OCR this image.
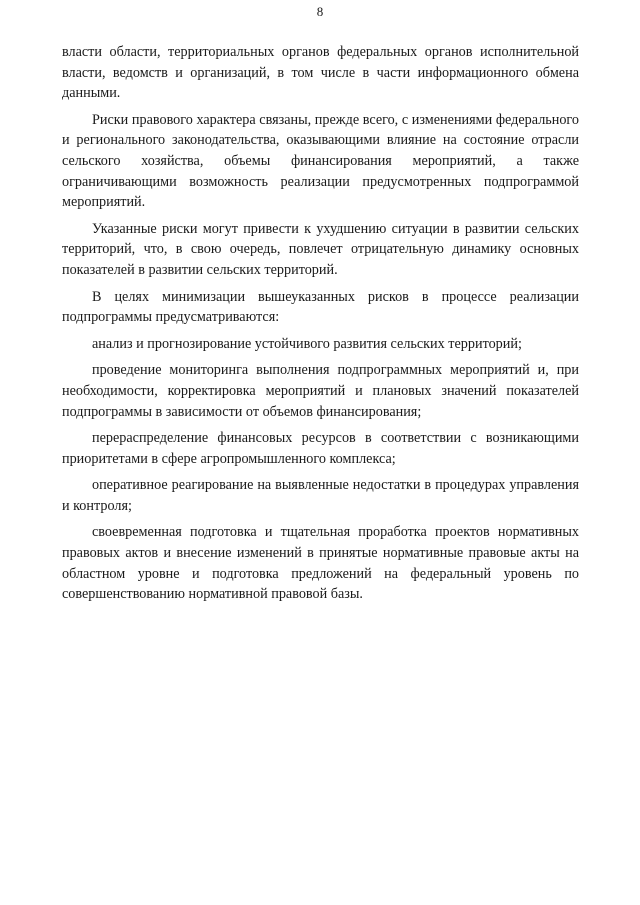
8

власти области, территориальных органов федеральных органов исполнительной власти, ведомств и организаций, в том числе в части информационного обмена данными.

Риски правового характера связаны, прежде всего, с изменениями федерального и регионального законодательства, оказывающими влияние на состояние отрасли сельского хозяйства, объемы финансирования мероприятий, а также ограничивающими возможность реализации предусмотренных подпрограммой мероприятий.

Указанные риски могут привести к ухудшению ситуации в развитии сельских территорий, что, в свою очередь, повлечет отрицательную динамику основных показателей в развитии сельских территорий.

В целях минимизации вышеуказанных рисков в процессе реализации подпрограммы предусматриваются:

анализ и прогнозирование устойчивого развития сельских территорий;

проведение мониторинга выполнения подпрограммных мероприятий и, при необходимости, корректировка мероприятий и плановых значений показателей подпрограммы в зависимости от объемов финансирования;

перераспределение финансовых ресурсов в соответствии с возникающими приоритетами в сфере агропромышленного комплекса;

оперативное реагирование на выявленные недостатки в процедурах управления и контроля;

своевременная подготовка и тщательная проработка проектов нормативных правовых актов и внесение изменений в принятые нормативные правовые акты на областном уровне и подготовка предложений на федеральный уровень по совершенствованию нормативной правовой базы.
